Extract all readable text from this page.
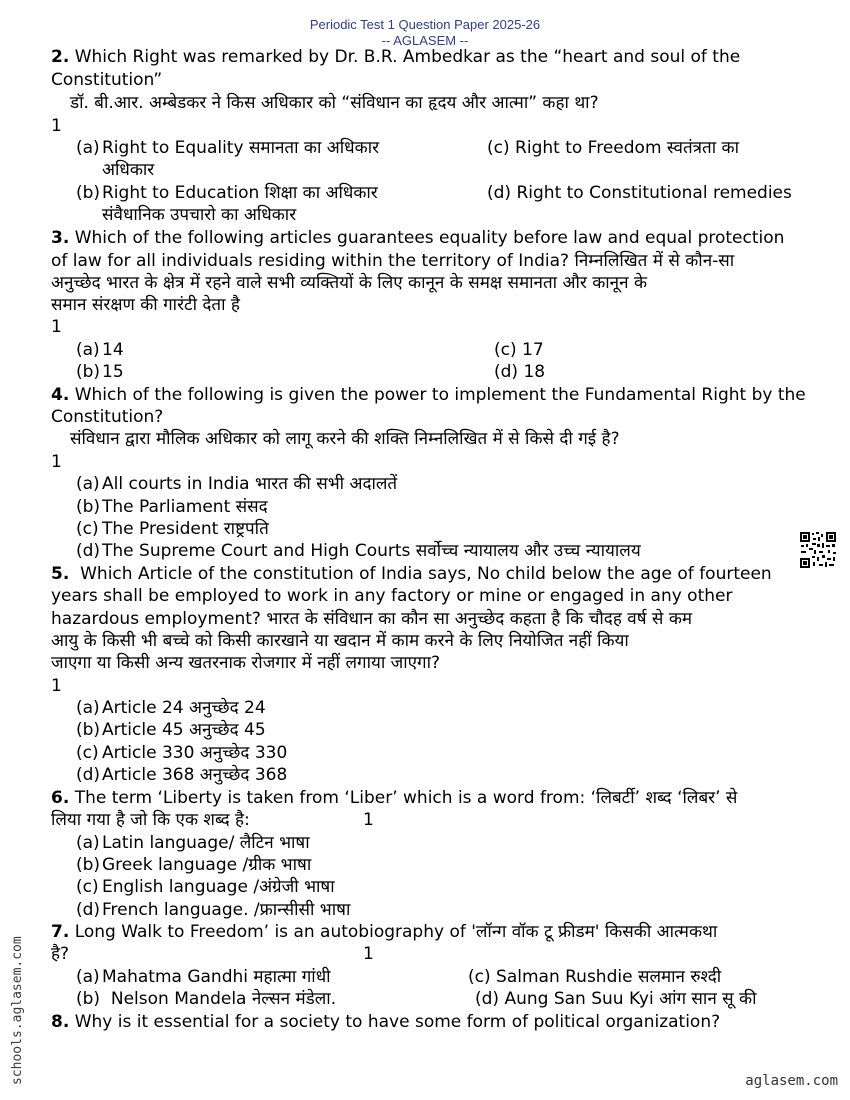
Periodic Test 1 Question Paper 2025-26
-- AGLASEM --
2. Which Right was remarked by Dr. B.R. Ambedkar as the “heart and soul of the
Constitution”
डॉ. बी.आर. अम्बेडकर ने किस अधिकार को “संविधान का हृदय और आत्मा” कहा था?
1
(a) Right to Equality समानता का अधिकार	(c) Right to Freedom स्वतंत्रता का
अधिकार
(b) Right to Education शिक्षा का अधिकार	(d) Right to Constitutional remedies
संवैधानिक उपचारो का अधिकार
3. Which of the following articles guarantees equality before law and equal protection
of law for all individuals residing within the territory of India? निम्नलिखित में से कौन-सा
अनुच्छेद भारत के क्षेत्र में रहने वाले सभी व्यक्तियों के लिए कानून के समक्ष समानता और कानून के
समान संरक्षण की गारंटी देता है
1
(a) 14	(c) 17
(b) 15	(d) 18
4. Which of the following is given the power to implement the Fundamental Right by the
Constitution?
संविधान द्वारा मौलिक अधिकार को लागू करने की शक्ति निम्नलिखित में से किसे दी गई है?
1
(a) All courts in India भारत की सभी अदालतें
(b) The Parliament संसद
(c) The President राष्ट्रपति
(d) The Supreme Court and High Courts सर्वोच्च न्यायालय और उच्च न्यायालय
5. Which Article of the constitution of India says, No child below the age of fourteen
years shall be employed to work in any factory or mine or engaged in any other
hazardous employment? भारत के संविधान का कौन सा अनुच्छेद कहता है कि चौदह वर्ष से कम
आयु के किसी भी बच्चे को किसी कारखाने या खदान में काम करने के लिए नियोजित नहीं किया
जाएगा या किसी अन्य खतरनाक रोजगार में नहीं लगाया जाएगा?
1
(a) Article 24 अनुच्छेद 24
(b) Article 45 अनुच्छेद 45
(c) Article 330 अनुच्छेद 330
(d) Article 368 अनुच्छेद 368
6. The term ‘Liberty is taken from ‘Liber’ which is a word from: ‘लिबर्टी’ शब्द ‘लिबर’ से
लिया गया है जो कि एक शब्द है:	1
(a) Latin language/ लैटिन भाषा
(b) Greek language /ग्रीक भाषा
(c) English language /अंग्रेजी भाषा
(d) French language. /फ्रान्सीसी भाषा
7. Long Walk to Freedom’ is an autobiography of 'लॉन्ग वॉक टू फ्रीडम' किसकी आत्मकथा
है?	1
(a) Mahatma Gandhi महात्मा गांधी	(c) Salman Rushdie सलमान रुश्दी
(b) Nelson Mandela नेल्सन मंडेला.	(d) Aung San Suu Kyi आंग सान सू की
8. Why is it essential for a society to have some form of political organization?
schools.aglasem.com	aglasem.com
